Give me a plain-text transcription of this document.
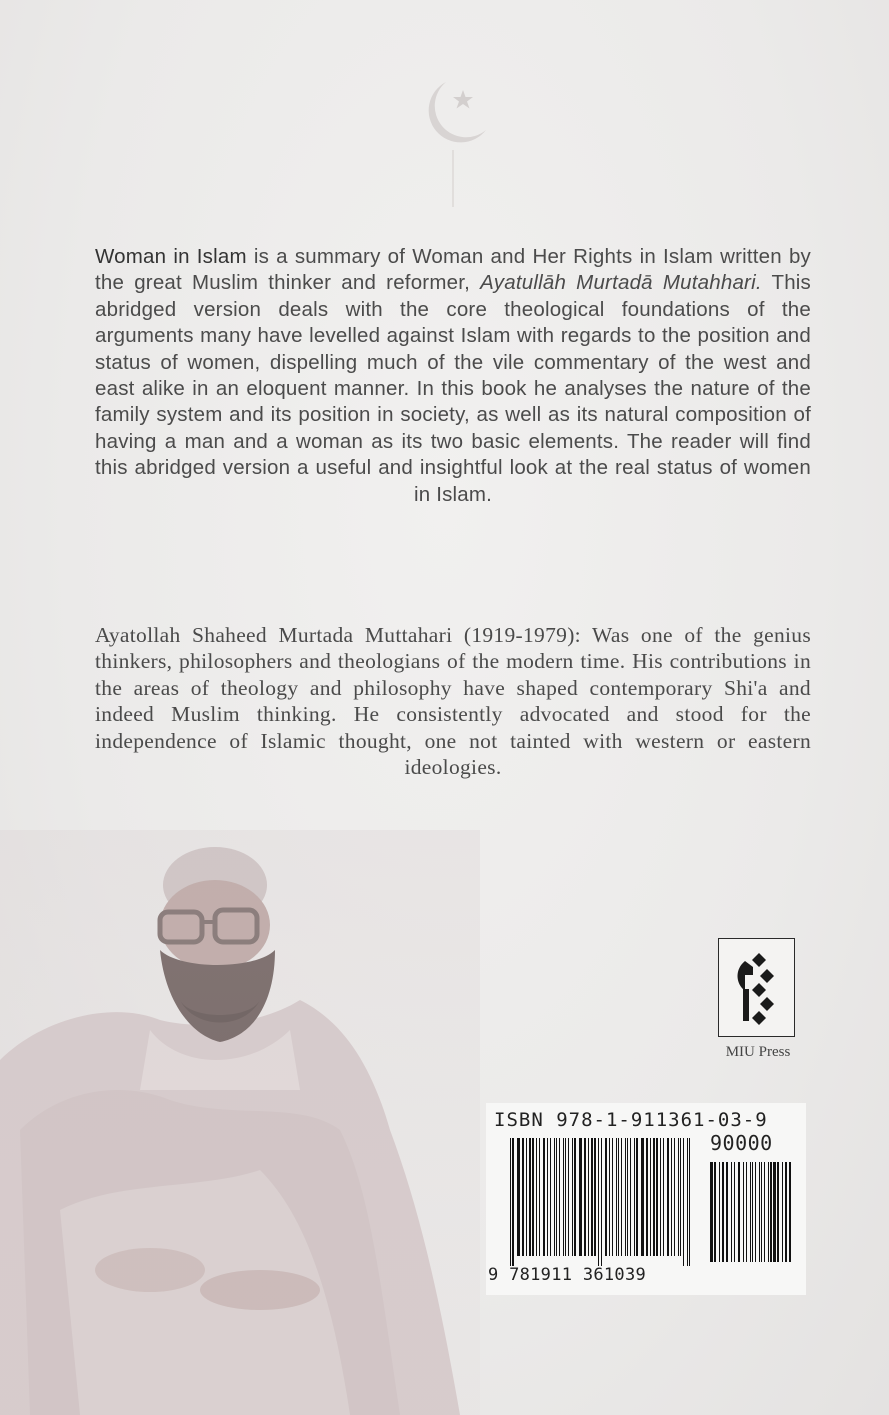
Woman in Islam is a summary of Woman and Her Rights in Islam written by the great Muslim thinker and reformer, Ayatullāh Murtadā Mutahhari. This abridged version deals with the core theological foundations of the arguments many have levelled against Islam with regards to the position and status of women, dispelling much of the vile commentary of the west and east alike in an eloquent manner. In this book he analyses the nature of the family system and its position in society, as well as its natural composition of having a man and a woman as its two basic elements. The reader will find this abridged version a useful and insightful look at the real status of women in Islam.

Ayatollah Shaheed Murtada Muttahari (1919-1979): Was one of the genius thinkers, philosophers and theologians of the modern time. His contributions in the areas of theology and philosophy have shaped contemporary Shi'a and indeed Muslim thinking. He consistently advocated and stood for the independence of Islamic thought, one not tainted with western or eastern ideologies.

MIU Press
ISBN 978-1-911361-03-9
90000
9 781911 361039
